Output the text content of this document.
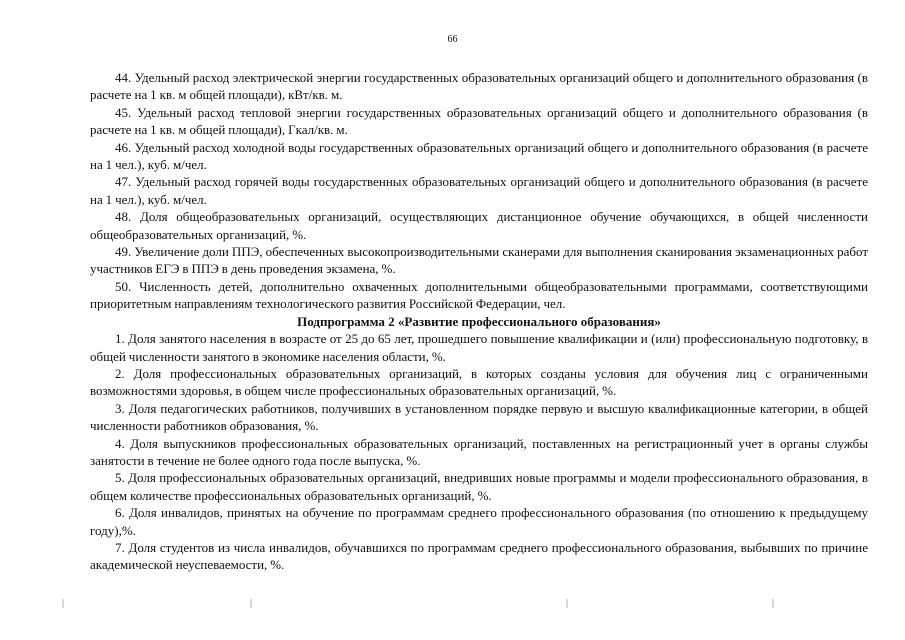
66

44. Удельный расход электрической энергии государственных образовательных организаций общего и дополнительного образования (в расчете на 1 кв. м общей площади), кВт/кв. м.

45. Удельный расход тепловой энергии государственных образовательных организаций общего и дополнительного образования (в расчете на 1 кв. м общей площади), Гкал/кв. м.

46. Удельный расход холодной воды государственных образовательных организаций общего и дополнительного образования (в расчете на 1 чел.), куб. м/чел.

47. Удельный расход горячей воды государственных образовательных организаций общего и дополнительного образования (в расчете на 1 чел.), куб. м/чел.

48. Доля общеобразовательных организаций, осуществляющих дистанционное обучение обучающихся, в общей численности общеобразовательных организаций, %.

49. Увеличение доли ППЭ, обеспеченных высокопроизводительными сканерами для выполнения сканирования экзаменационных работ участников ЕГЭ в ППЭ в день проведения экзамена, %.

50. Численность детей, дополнительно охваченных дополнительными общеобразовательными программами, соответствующими приоритетным направлениям технологического развития Российской Федерации, чел.

Подпрограмма 2 «Развитие профессионального образования»

1. Доля занятого населения в возрасте от 25 до 65 лет, прошедшего повышение квалификации и (или) профессиональную подготовку, в общей численности занятого в экономике населения области, %.

2. Доля профессиональных образовательных организаций, в которых созданы условия для обучения лиц с ограниченными возможностями здоровья, в общем числе профессиональных образовательных организаций, %.

3. Доля педагогических работников, получивших в установленном порядке первую и высшую квалификационные категории, в общей численности работников образования, %.

4. Доля выпускников профессиональных образовательных организаций, поставленных на регистрационный учет в органы службы занятости в течение не более одного года после выпуска, %.

5. Доля профессиональных образовательных организаций, внедривших новые программы и модели профессионального образования, в общем количестве профессиональных образовательных организаций, %.

6. Доля инвалидов, принятых на обучение по программам среднего профессионального образования (по отношению к предыдущему году),%.

7. Доля студентов из числа инвалидов, обучавшихся по программам среднего профессионального образования, выбывших по причине академической неуспеваемости, %.
